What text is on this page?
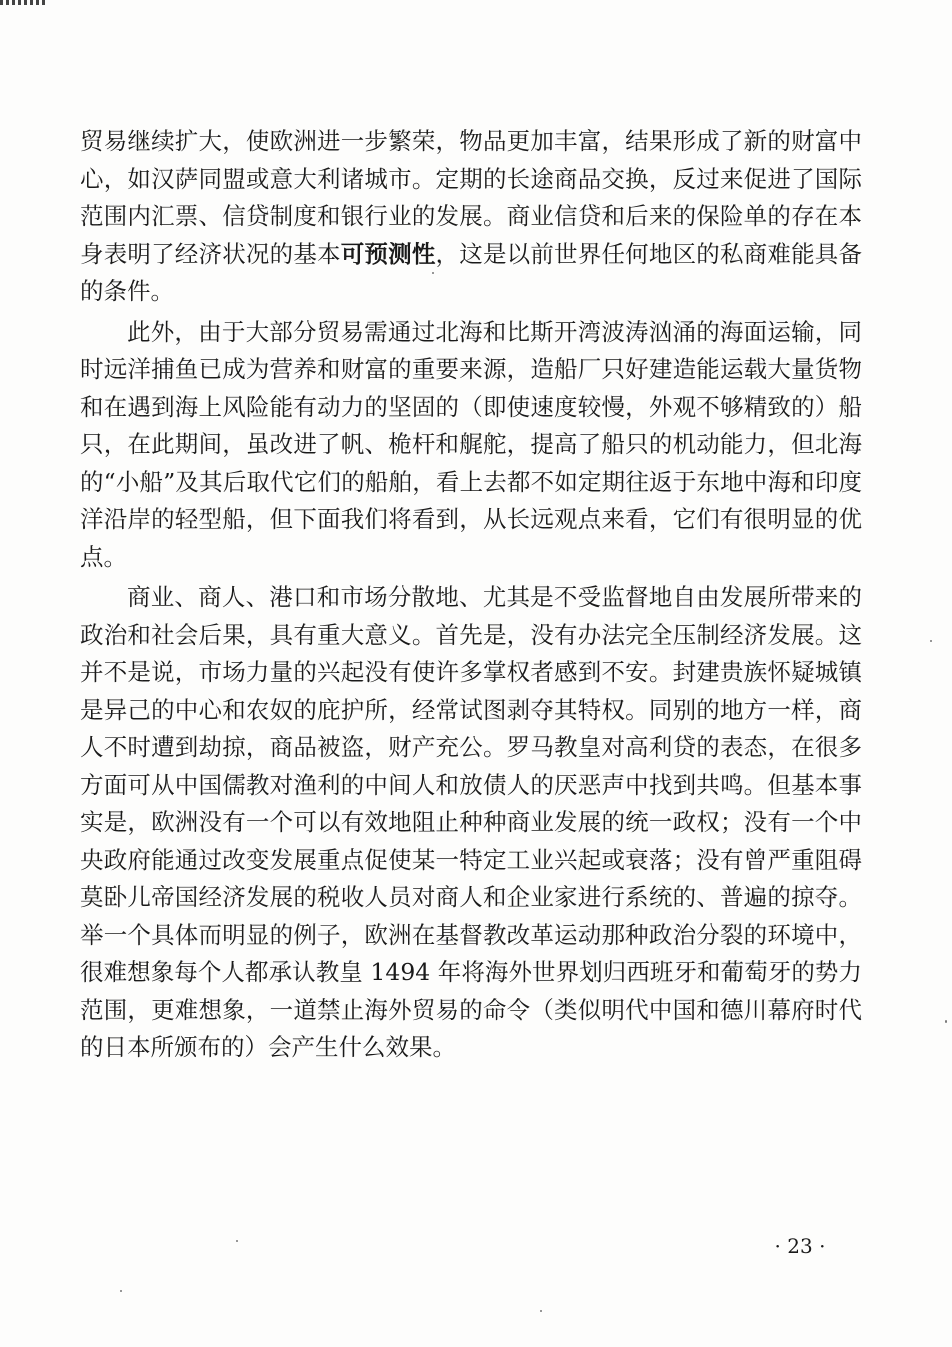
贸易继续扩大，使欧洲进一步繁荣，物品更加丰富，结果形成了新的财富中心，如汉萨同盟或意大利诸城市。定期的长途商品交换，反过来促进了国际范围内汇票、信贷制度和银行业的发展。商业信贷和后来的保险单的存在本身表明了经济状况的基本可预测性，这是以前世界任何地区的私商难能具备的条件。

此外，由于大部分贸易需通过北海和比斯开湾波涛汹涌的海面运输，同时远洋捕鱼已成为营养和财富的重要来源，造船厂只好建造能运载大量货物和在遇到海上风险能有动力的坚固的（即使速度较慢，外观不够精致的）船只，在此期间，虽改进了帆、桅杆和艉舵，提高了船只的机动能力，但北海的“小船”及其后取代它们的船舶，看上去都不如定期往返于东地中海和印度洋沿岸的轻型船，但下面我们将看到，从长远观点来看，它们有很明显的优点。

商业、商人、港口和市场分散地、尤其是不受监督地自由发展所带来的政治和社会后果，具有重大意义。首先是，没有办法完全压制经济发展。这并不是说，市场力量的兴起没有使许多掌权者感到不安。封建贵族怀疑城镇是异己的中心和农奴的庇护所，经常试图剥夺其特权。同别的地方一样，商人不时遭到劫掠，商品被盗，财产充公。罗马教皇对高利贷的表态，在很多方面可从中国儒教对渔利的中间人和放债人的厌恶声中找到共鸣。但基本事实是，欧洲没有一个可以有效地阻止种种商业发展的统一政权；没有一个中央政府能通过改变发展重点促使某一特定工业兴起或衰落；没有曾严重阻碍莫卧儿帝国经济发展的税收人员对商人和企业家进行系统的、普遍的掠夺。举一个具体而明显的例子，欧洲在基督教改革运动那种政治分裂的环境中，很难想象每个人都承认教皇 1494 年将海外世界划归西班牙和葡萄牙的势力范围，更难想象，一道禁止海外贸易的命令（类似明代中国和德川幕府时代的日本所颁布的）会产生什么效果。

· 23 ·
